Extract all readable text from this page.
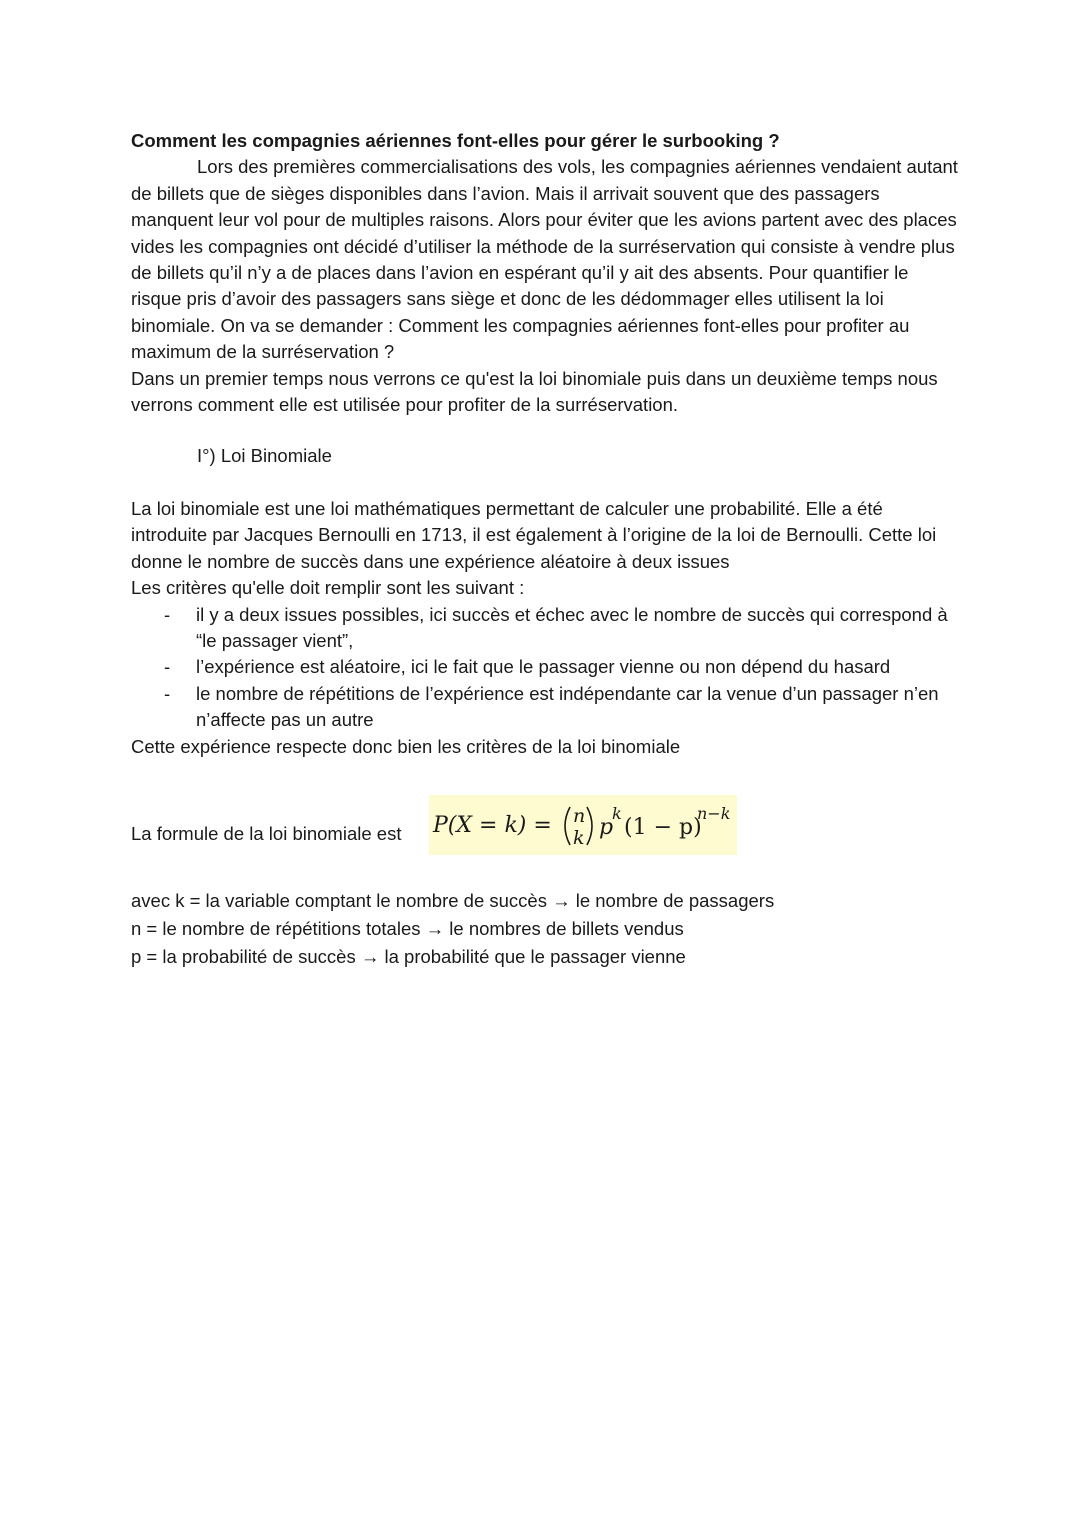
Comment les compagnies aériennes font-elles pour gérer le surbooking ?

Lors des premières commercialisations des vols, les compagnies aériennes vendaient autant de billets que de sièges disponibles dans l’avion. Mais il arrivait souvent que des passagers manquent leur vol pour de multiples raisons. Alors pour éviter que les avions partent avec des places vides les compagnies ont décidé d’utiliser la méthode de la surréservation qui consiste à vendre plus de billets qu’il n’y a de places dans l’avion en espérant qu’il y ait des absents. Pour quantifier le risque pris d’avoir des passagers sans siège et donc de les dédommager elles utilisent la loi binomiale. On va se demander : Comment les compagnies aériennes font-elles pour profiter au maximum de la surréservation ?

Dans un premier temps nous verrons ce qu'est la loi binomiale puis dans un deuxième temps nous verrons comment elle est utilisée pour profiter de la surréservation.

I°) Loi Binomiale

La loi binomiale est une loi mathématiques permettant de calculer une probabilité. Elle a été introduite par Jacques Bernoulli en 1713, il est également à l’origine de la loi de Bernoulli. Cette loi donne le nombre de succès dans une expérience aléatoire à deux issues

Les critères qu'elle doit remplir sont les suivant :

- il y a deux issues possibles, ici succès et échec avec le nombre de succès qui correspond à “le passager vient”,
- l’expérience est aléatoire, ici le fait que le passager vienne ou non dépend du hasard
- le nombre de répétitions de l’expérience est indépendante car la venue d’un passager n’en n’affecte pas un autre

Cette expérience respecte donc bien les critères de la loi binomiale

La formule de la loi binomiale est P(X = k) = n
k p
k
(1 − p)
n−k

avec k = la variable comptant le nombre de succès → le nombre de passagers

n = le nombre de répétitions totales → le nombres de billets vendus

p = la probabilité de succès → la probabilité que le passager vienne
